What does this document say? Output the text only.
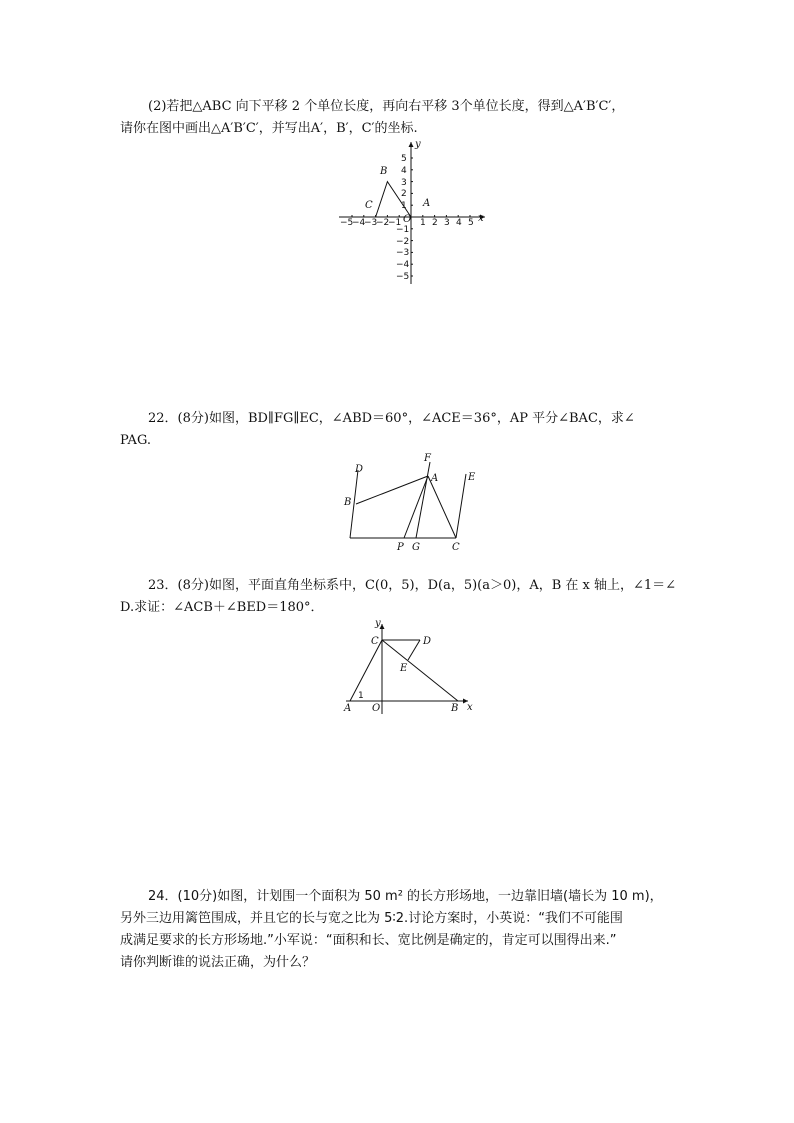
(2)若把△ABC 向下平移 2 个单位长度，再向右平移 3个单位长度，得到△A′B′C′，
请你在图中画出△A′B′C′，并写出A′，B′，C′的坐标.
−5
−4
−3
−2
−1 1 2 3 4 5
5
4
3
2
1
−1
−2
−3
−4
−5
y
x
O
B
C	A
22．(8分)如图，BD∥FG∥EC，∠ABD＝60°，∠ACE＝36°，AP 平分∠BAC，求∠
PAG.
D
B
F
A	E
P G	C
23．(8分)如图，平面直角坐标系中，C(0，5)，D(a，5)(a＞0)，A，B 在 x 轴上，∠1＝∠
D.求证：∠ACB＋∠BED＝180°．
y
x
C	D
E
A O	B
1
24．(10分)如图，计划围一个面积为 50 m² 的长方形场地，一边靠旧墙(墙长为 10 m)，
另外三边用篱笆围成，并且它的长与宽之比为 5∶2.讨论方案时，小英说：“我们不可能围
成满足要求的长方形场地.”小军说：“面积和长、宽比例是确定的，肯定可以围得出来.”
请你判断谁的说法正确，为什么？
